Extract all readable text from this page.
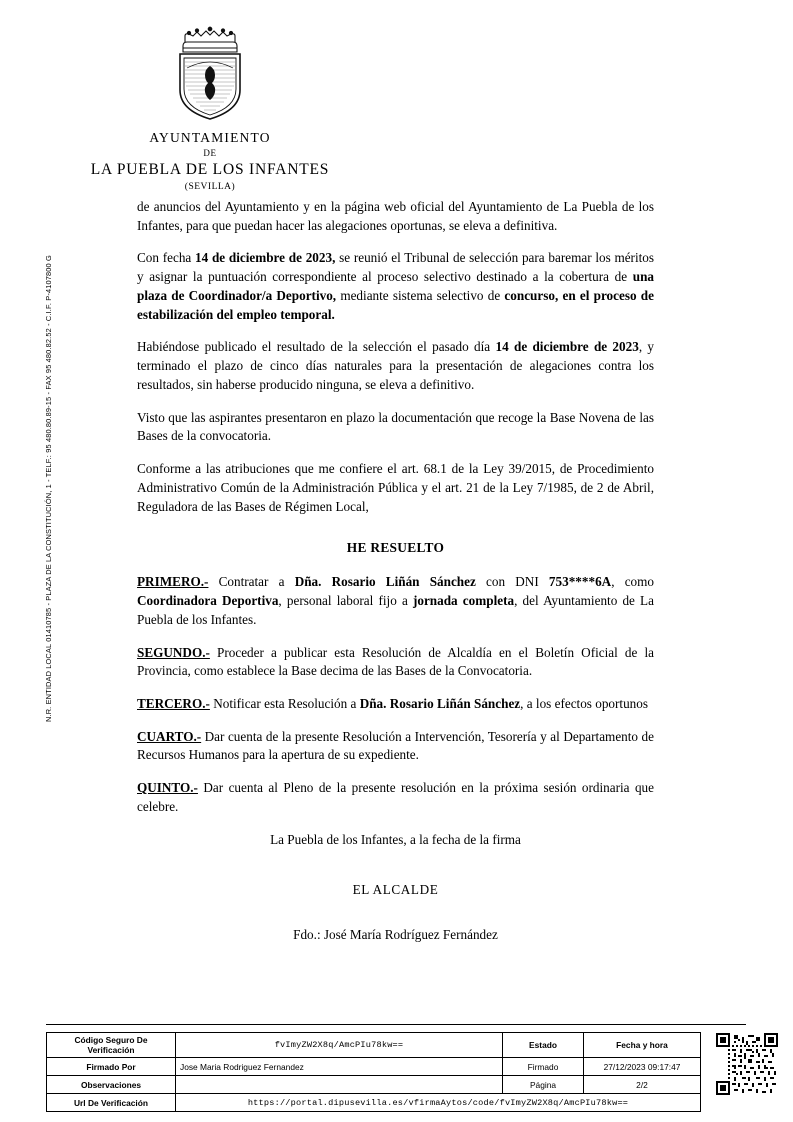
AYUNTAMIENTO
DE
LA PUEBLA DE LOS INFANTES
(SEVILLA)
N.R. ENTIDAD LOCAL 01410785 - PLAZA DE LA CONSTITUCIÓN, 1 - TELF.: 95 480.80.89-15 - FAX 95 480.82.52 - C.I.F. P-4107800 G

de anuncios del Ayuntamiento y en la página web oficial del Ayuntamiento de La Puebla de los Infantes, para que puedan hacer las alegaciones oportunas, se eleva a definitiva.

Con fecha 14 de diciembre de 2023, se reunió el Tribunal de selección para baremar los méritos y asignar la puntuación correspondiente al proceso selectivo destinado a la cobertura de una plaza de Coordinador/a Deportivo, mediante sistema selectivo de concurso, en el proceso de estabilización del empleo temporal.

Habiéndose publicado el resultado de la selección el pasado día 14 de diciembre de 2023, y terminado el plazo de cinco días naturales para la presentación de alegaciones contra los resultados, sin haberse producido ninguna, se eleva a definitivo.

Visto que las aspirantes presentaron en plazo la documentación que recoge la Base Novena de las Bases de la convocatoria.

Conforme a las atribuciones que me confiere el art. 68.1 de la Ley 39/2015, de Procedimiento Administrativo Común de la Administración Pública y el art. 21 de la Ley 7/1985, de 2 de Abril, Reguladora de las Bases de Régimen Local,

HE RESUELTO

PRIMERO.- Contratar a Dña. Rosario Liñán Sánchez con DNI 753****6A, como Coordinadora Deportiva, personal laboral fijo a jornada completa, del Ayuntamiento de La Puebla de los Infantes.

SEGUNDO.- Proceder a publicar esta Resolución de Alcaldía en el Boletín Oficial de la Provincia, como establece la Base decima de las Bases de la Convocatoria.

TERCERO.- Notificar esta Resolución a Dña. Rosario Liñán Sánchez, a los efectos oportunos

CUARTO.- Dar cuenta de la presente Resolución a Intervención, Tesorería y al Departamento de Recursos Humanos para la apertura de su expediente.

QUINTO.- Dar cuenta al Pleno de la presente resolución en la próxima sesión ordinaria que celebre.

La Puebla de los Infantes, a la fecha de la firma
EL ALCALDE
Fdo.: José María Rodríguez Fernández
Código Seguro De Verificación	fvImyZW2X8q/AmcPIu78kw==	Estado	Fecha y hora
Firmado Por	Jose Maria Rodriguez Fernandez	Firmado	27/12/2023 09:17:47
Observaciones		Página	2/2
Url De Verificación	https://portal.dipusevilla.es/vfirmaAytos/code/fvImyZW2X8q/AmcPIu78kw==		
